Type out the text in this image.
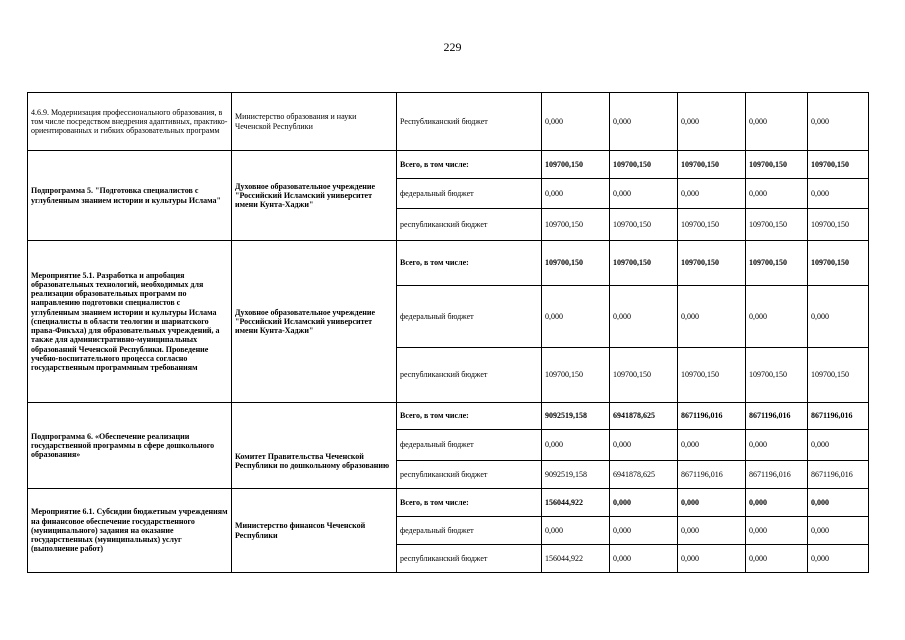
229
4.6.9. Модернизация профессионального образования, в том числе посредством внедрения адаптивных, практико-ориентированных и гибких образовательных программ	Министерство образования и науки Чеченской Республики	Республиканский бюджет	0,000	0,000	0,000	0,000	0,000
Подпрограмма 5. "Подготовка специалистов с углубленным знанием истории и культуры Ислама"	Духовное образовательное учреждение "Российский Исламский университет имени Кунта-Хаджи"	Всего, в том числе:	109700,150	109700,150	109700,150	109700,150	109700,150
		федеральный бюджет	0,000	0,000	0,000	0,000	0,000
		республиканский бюджет	109700,150	109700,150	109700,150	109700,150	109700,150
Мероприятие 5.1. Разработка и апробация образовательных технологий, необходимых для реализации образовательных программ по направлению подготовки специалистов с углубленным знанием истории и культуры Ислама (специалисты в области теологии и шариатского права-Фикъха) для образовательных учреждений, а также для административно-муниципальных образований Чеченской Республики. Проведение учебно-воспитательного процесса согласно государственным программным требованиям	Духовное образовательное учреждение "Российский Исламский университет имени Кунта-Хаджи"	Всего, в том числе:	109700,150	109700,150	109700,150	109700,150	109700,150
		федеральный бюджет	0,000	0,000	0,000	0,000	0,000
		республиканский бюджет	109700,150	109700,150	109700,150	109700,150	109700,150
Подпрограмма 6. «Обеспечение реализации государственной программы в сфере дошкольного образования»	Комитет Правительства Чеченской Республики по дошкольному образованию	Всего, в том числе:	9092519,158	6941878,625	8671196,016	8671196,016	8671196,016
		федеральный бюджет	0,000	0,000	0,000	0,000	0,000
		республиканский бюджет	9092519,158	6941878,625	8671196,016	8671196,016	8671196,016
Мероприятие 6.1. Субсидии бюджетным учреждениям на финансовое обеспечение государственного (муниципального) задания на оказание государственных (муниципальных) услуг (выполнение работ)	Министерство финансов Чеченской Республики	Всего, в том числе:	156044,922	0,000	0,000	0,000	0,000
		федеральный бюджет	0,000	0,000	0,000	0,000	0,000
		республиканский бюджет	156044,922	0,000	0,000	0,000	0,000
